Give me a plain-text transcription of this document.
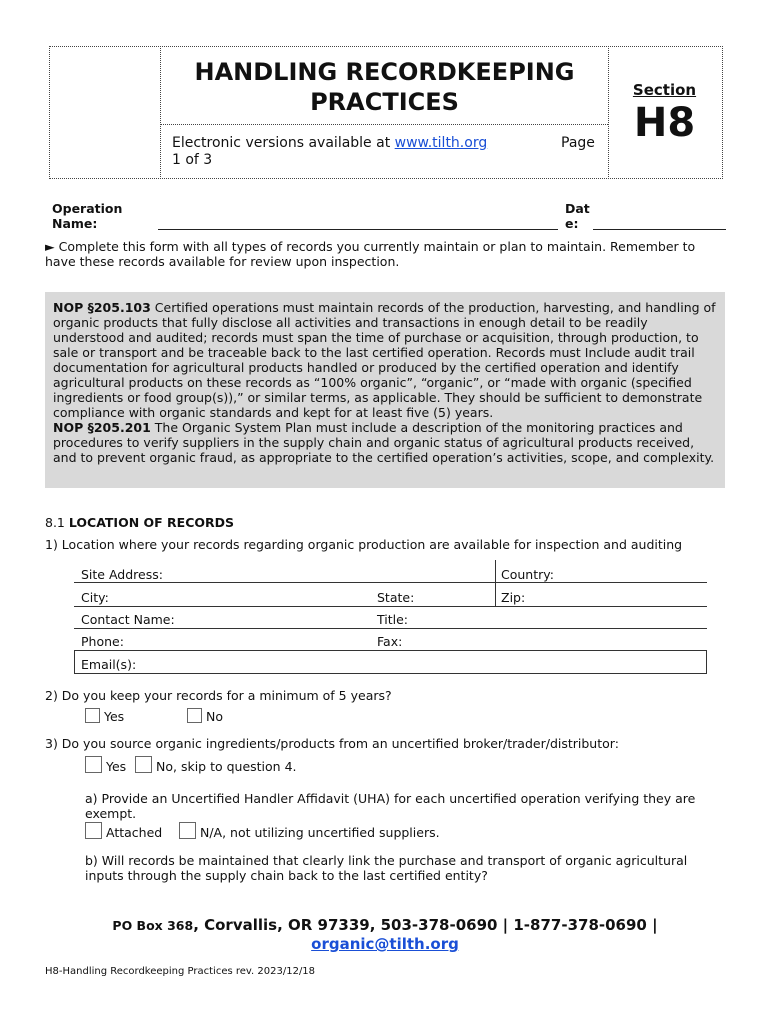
HANDLING RECORDKEEPING
PRACTICES
Electronic versions available at www.tilth.org	Page

1 of 3
Section
H8
Operation
Name:
Dat
e:
► Complete this form with all types of records you currently maintain or plan to maintain. Remember to have these records available for review upon inspection.
NOP §205.103 Certified operations must maintain records of the production, harvesting, and handling of organic products that fully disclose all activities and transactions in enough detail to be readily understood and audited; records must span the time of purchase or acquisition, through production, to sale or transport and be traceable back to the last certified operation. Records must Include audit trail documentation for agricultural products handled or produced by the certified operation and identify agricultural products on these records as “100% organic”, “organic”, or “made with organic (specified ingredients or food group(s)),” or similar terms, as applicable. They should be sufficient to demonstrate compliance with organic standards and kept for at least five (5) years.
NOP §205.201 The Organic System Plan must include a description of the monitoring practices and procedures to verify suppliers in the supply chain and organic status of agricultural products received, and to prevent organic fraud, as appropriate to the certified operation’s activities, scope, and complexity.
8.1 LOCATION OF RECORDS
1) Location where your records regarding organic production are available for inspection and auditing
Site Address:	Country:
City:	State:	Zip:
Contact Name:	Title:
Phone:	Fax:
Email(s):
2) Do you keep your records for a minimum of 5 years?
Yes	No
3) Do you source organic ingredients/products from an uncertified broker/trader/distributor:
Yes	No, skip to question 4.
a) Provide an Uncertified Handler Affidavit (UHA) for each uncertified operation verifying they are exempt.
Attached	N/A, not utilizing uncertified suppliers.
b) Will records be maintained that clearly link the purchase and transport of organic agricultural inputs through the supply chain back to the last certified entity?
PO Box 368, Corvallis, OR 97339, 503-378-0690 | 1-877-378-0690 |
organic@tilth.org
H8-Handling Recordkeeping Practices rev. 2023/12/18
